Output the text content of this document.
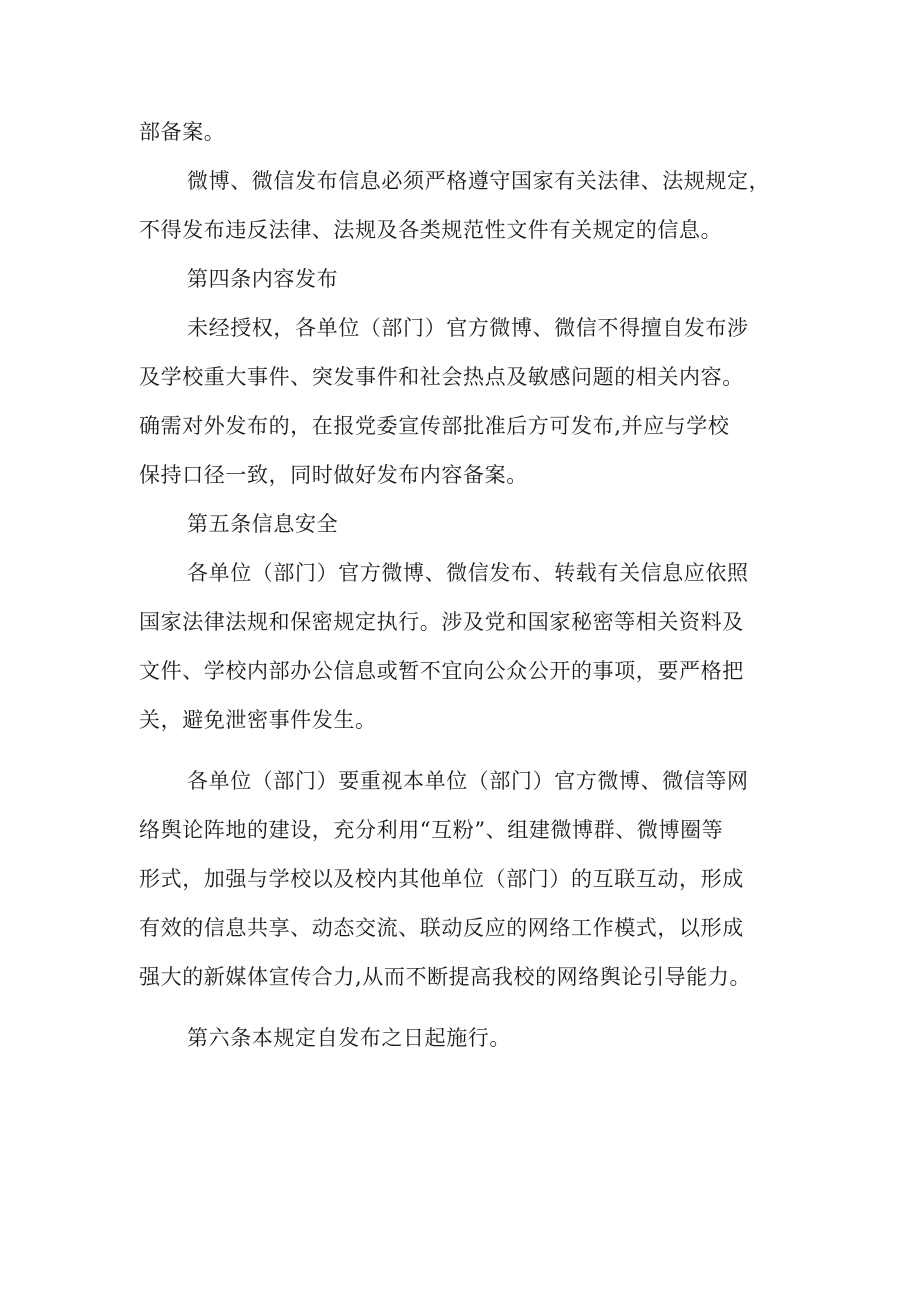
部备案。
微博、微信发布信息必须严格遵守国家有关法律、法规规定，
不得发布违反法律、法规及各类规范性文件有关规定的信息。
第四条内容发布
未经授权，各单位（部门）官方微博、微信不得擅自发布涉
及学校重大事件、突发事件和社会热点及敏感问题的相关内容。
确需对外发布的，在报党委宣传部批准后方可发布,并应与学校
保持口径一致，同时做好发布内容备案。
第五条信息安全
各单位（部门）官方微博、微信发布、转载有关信息应依照
国家法律法规和保密规定执行。涉及党和国家秘密等相关资料及
文件、学校内部办公信息或暂不宜向公众公开的事项，要严格把
关，避免泄密事件发生。
各单位（部门）要重视本单位（部门）官方微博、微信等网
络舆论阵地的建设，充分利用“互粉”、组建微博群、微博圈等
形式，加强与学校以及校内其他单位（部门）的互联互动，形成
有效的信息共享、动态交流、联动反应的网络工作模式，以形成
强大的新媒体宣传合力,从而不断提高我校的网络舆论引导能力。
第六条本规定自发布之日起施行。
